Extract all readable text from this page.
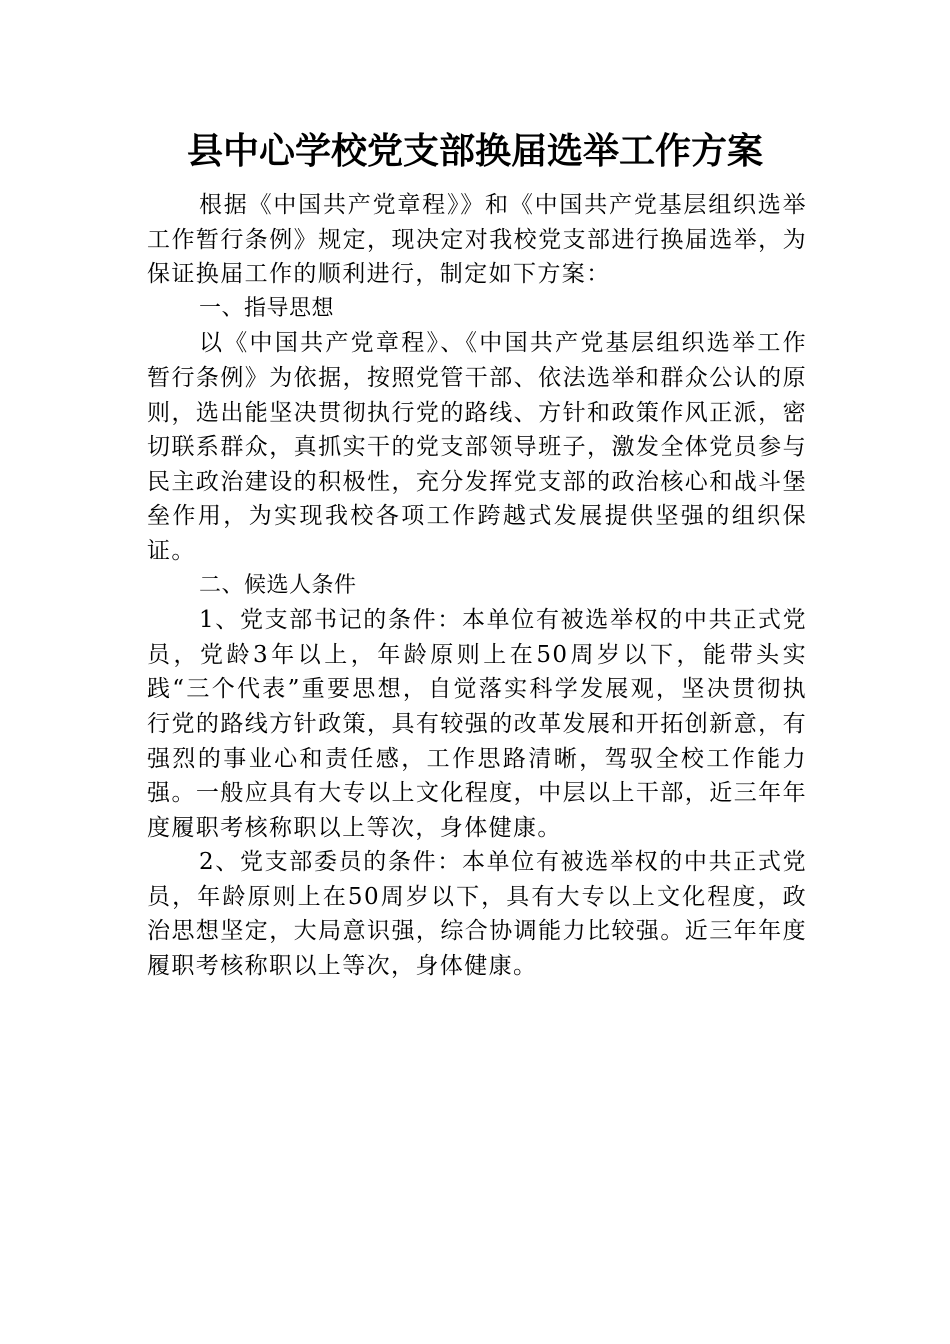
县中心学校党支部换届选举工作方案

根据《中国共产党章程》》和《中国共产党基层组织选举工作暂行条例》规定，现决定对我校党支部进行换届选举，为保证换届工作的顺利进行，制定如下方案：

一、指导思想

以《中国共产党章程》、《中国共产党基层组织选举工作暂行条例》为依据，按照党管干部、依法选举和群众公认的原则，选出能坚决贯彻执行党的路线、方针和政策作风正派，密切联系群众，真抓实干的党支部领导班子，激发全体党员参与民主政治建设的积极性，充分发挥党支部的政治核心和战斗堡垒作用，为实现我校各项工作跨越式发展提供坚强的组织保证。

二、候选人条件

1、党支部书记的条件：本单位有被选举权的中共正式党员，党龄3年以上，年龄原则上在50周岁以下，能带头实践“三个代表”重要思想，自觉落实科学发展观，坚决贯彻执行党的路线方针政策，具有较强的改革发展和开拓创新意，有强烈的事业心和责任感，工作思路清晰，驾驭全校工作能力强。一般应具有大专以上文化程度，中层以上干部，近三年年度履职考核称职以上等次，身体健康。

2、党支部委员的条件：本单位有被选举权的中共正式党员，年龄原则上在50周岁以下，具有大专以上文化程度，政治思想坚定，大局意识强，综合协调能力比较强。近三年年度履职考核称职以上等次，身体健康。
